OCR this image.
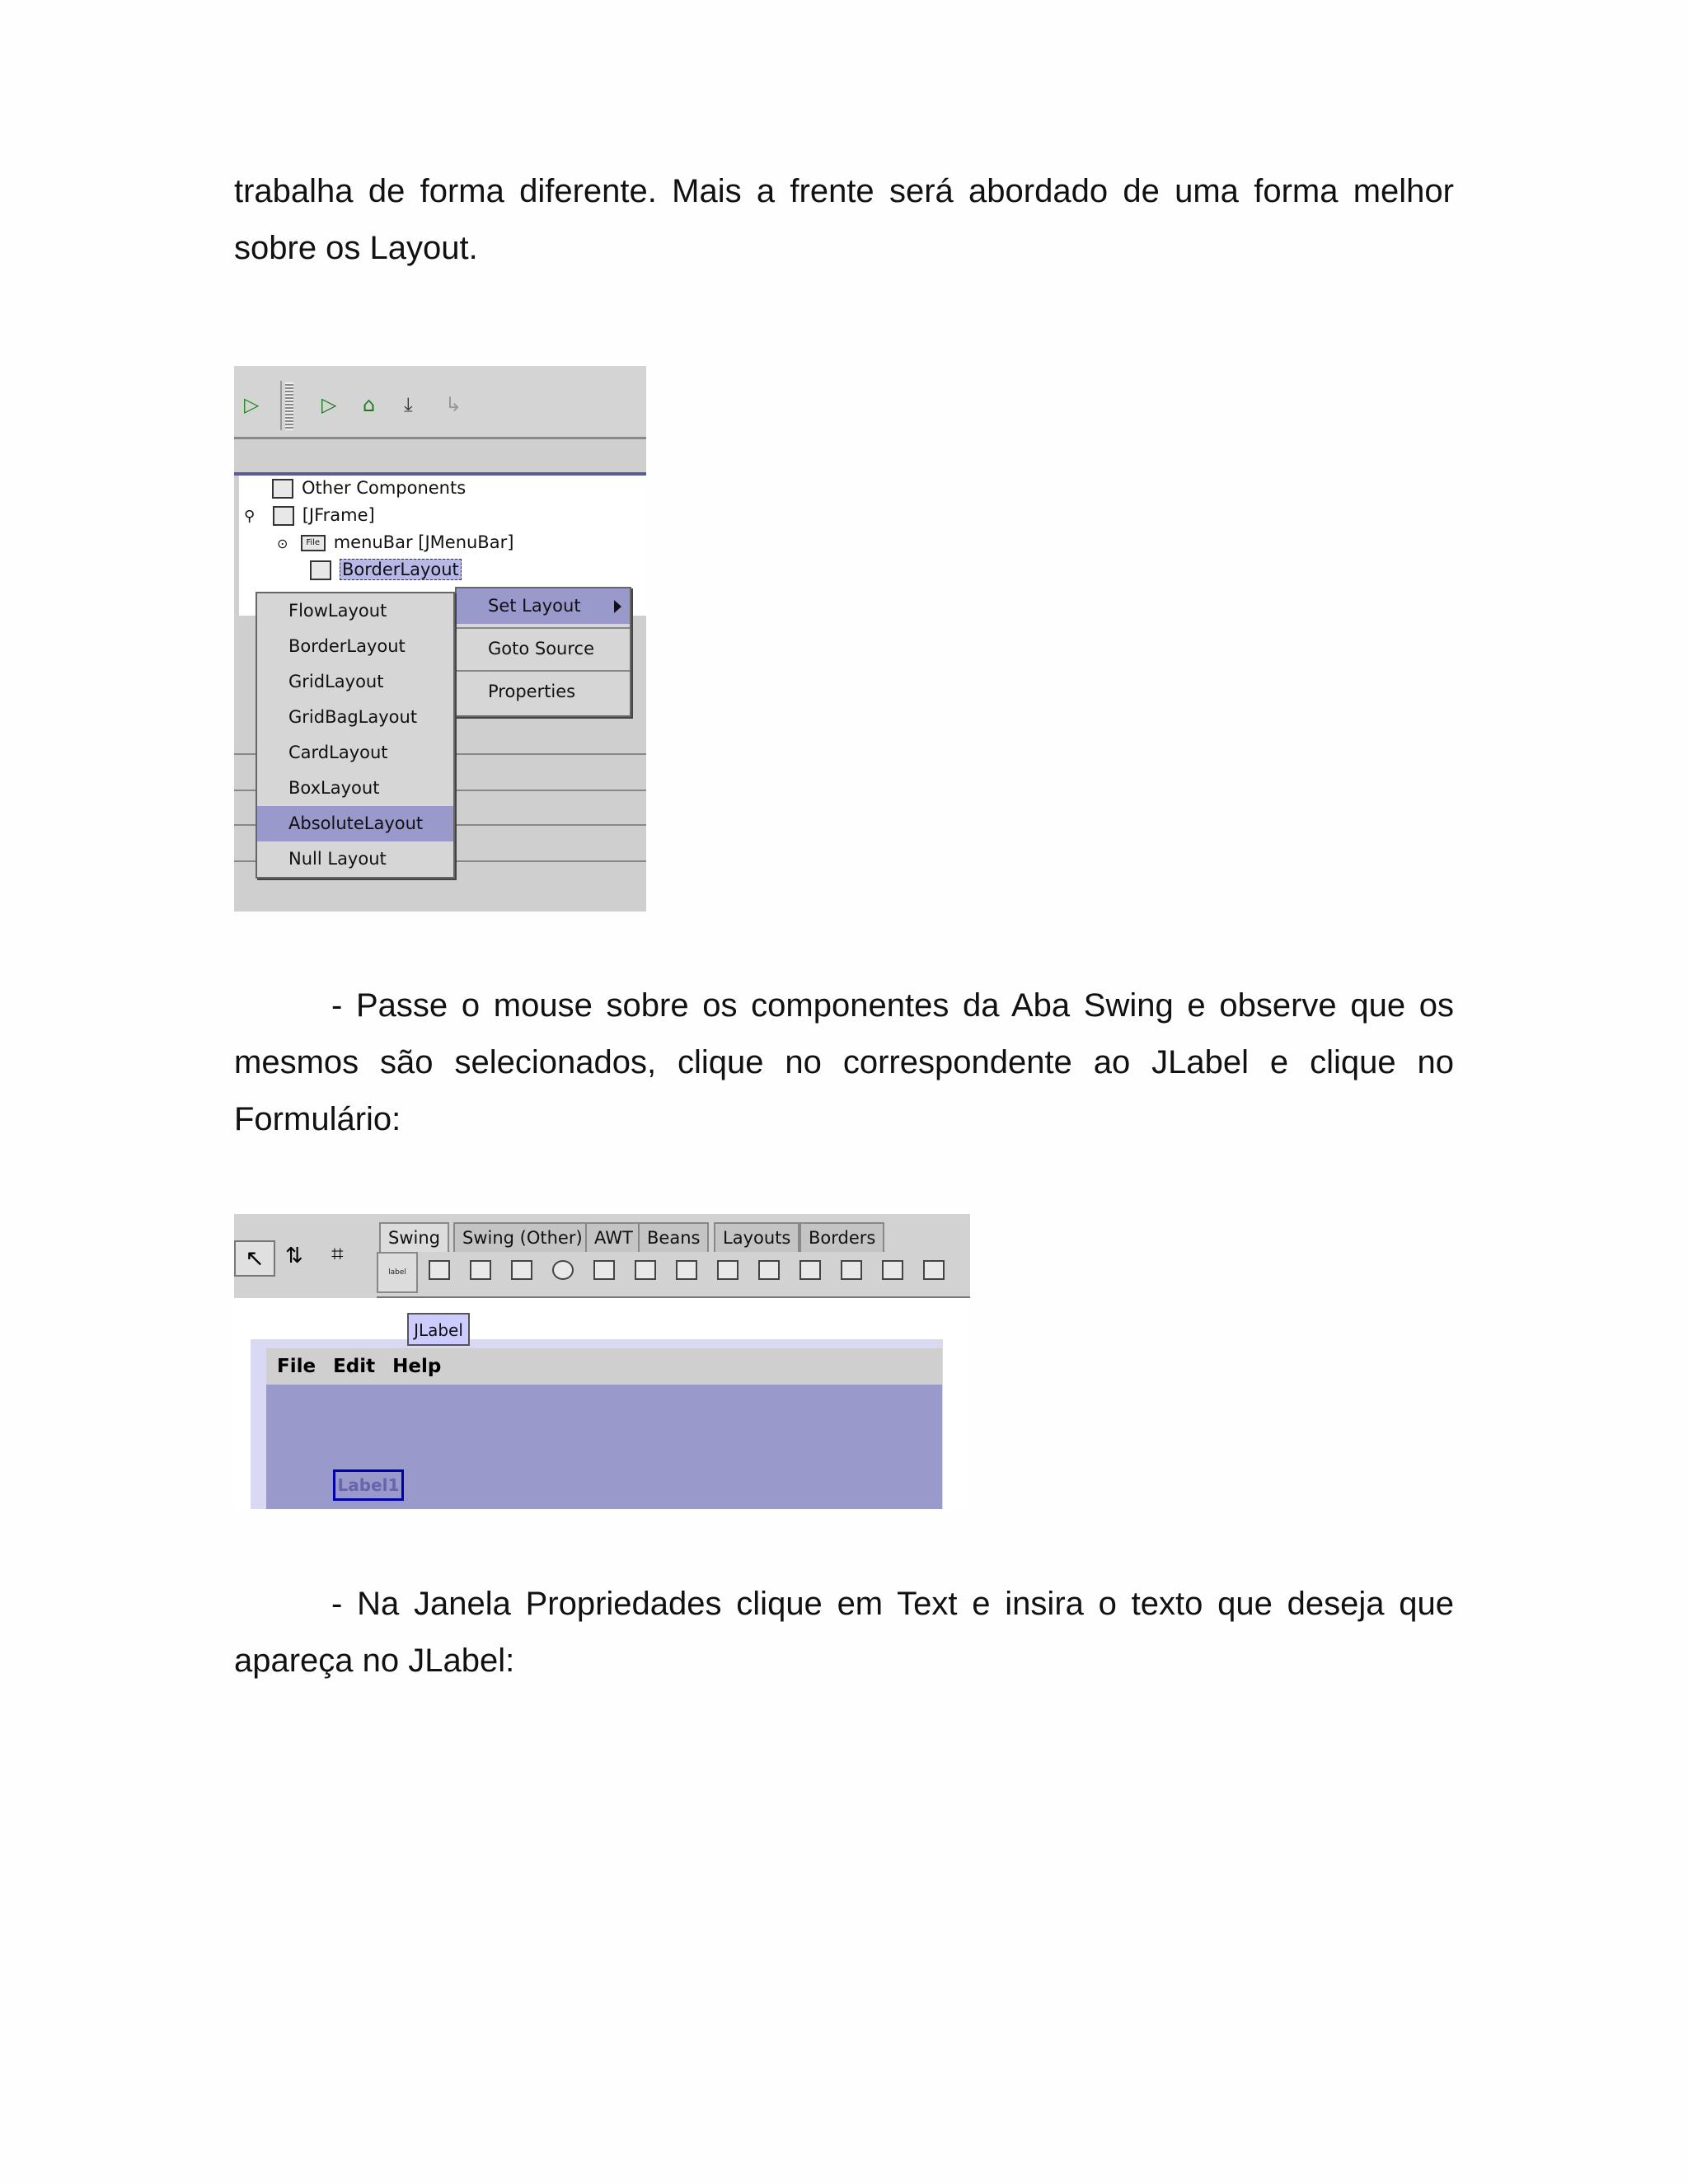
trabalha de forma diferente. Mais a frente será abordado de uma forma melhor sobre os Layout.

▷	▷ ⌂ ⤓ ↳
Other Components
⚲	[JFrame]
⊙ File menuBar [JMenuBar]
BorderLayout
Set Layout
Goto Source
Properties
FlowLayout
BorderLayout
GridLayout
GridBagLayout
CardLayout
BoxLayout
AbsoluteLayout
Null Layout

- Passe o mouse sobre os componentes da Aba Swing e observe que os mesmos são selecionados, clique no correspondente ao JLabel e clique no Formulário:

↖ ⇅ ⌗
Swing	Swing (Other) AWT Beans	Layouts	Borders
label
File Edit Help
JLabel
Label1

- Na Janela Propriedades clique em Text e insira o texto que deseja que apareça no JLabel:
